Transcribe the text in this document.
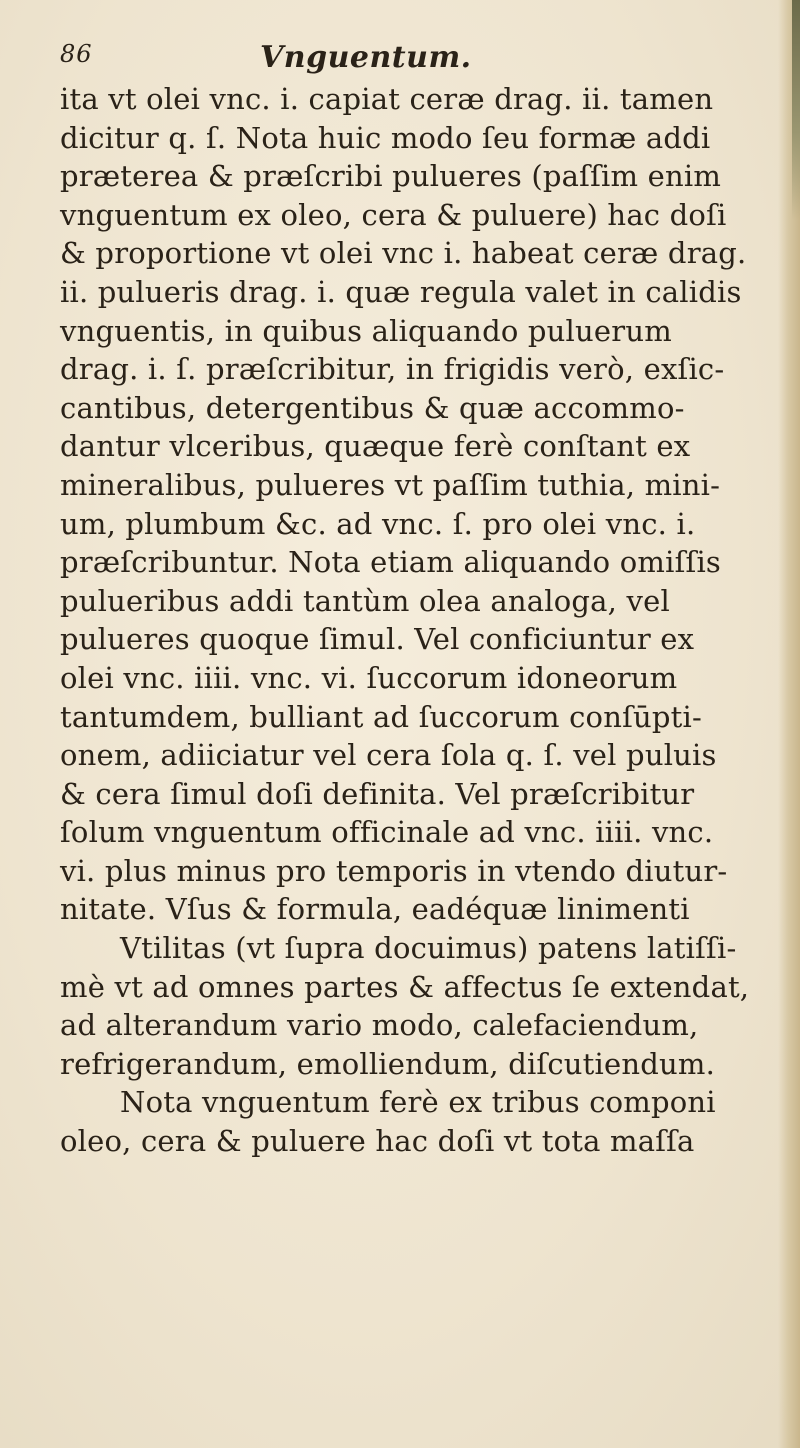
86	Vnguentum.
ita vt olei vnc. i. capiat ceræ drag. ii. tamen
dicitur q. ſ. Nota huic modo ſeu formæ addi
præterea & præſcribi pulueres (paſſim enim
vnguentum ex oleo, cera & puluere) hac doſi
& proportione vt olei vnc i. habeat ceræ drag.
ii. pulueris drag. i. quæ regula valet in calidis
vnguentis, in quibus aliquando puluerum
drag. i. ſ. præſcribitur, in frigidis verò, exſic-
cantibus, detergentibus & quæ accommo-
dantur vlceribus, quæque ferè conſtant ex
mineralibus, pulueres vt paſſim tuthia, mini-
um, plumbum &c. ad vnc. ſ. pro olei vnc. i.
præſcribuntur. Nota etiam aliquando omiſſis
pulueribus addi tantùm olea analoga, vel
pulueres quoque ſimul. Vel conficiuntur ex
olei vnc. iiii. vnc. vi. ſuccorum idoneorum
tantumdem, bulliant ad ſuccorum conſūpti-
onem, adiiciatur vel cera ſola q. ſ. vel puluis
& cera ſimul doſi definita. Vel præſcribitur
ſolum vnguentum officinale ad vnc. iiii. vnc.
vi. plus minus pro temporis in vtendo diutur-
nitate. Vſus & formula, eadéquæ linimenti
Vtilitas (vt ſupra docuimus) patens latiſſi-
mè vt ad omnes partes & affectus ſe extendat,
ad alterandum vario modo, calefaciendum,
refrigerandum, emolliendum, diſcutiendum.
Nota vnguentum ferè ex tribus componi
oleo, cera & puluere hac doſi vt tota maſſa
